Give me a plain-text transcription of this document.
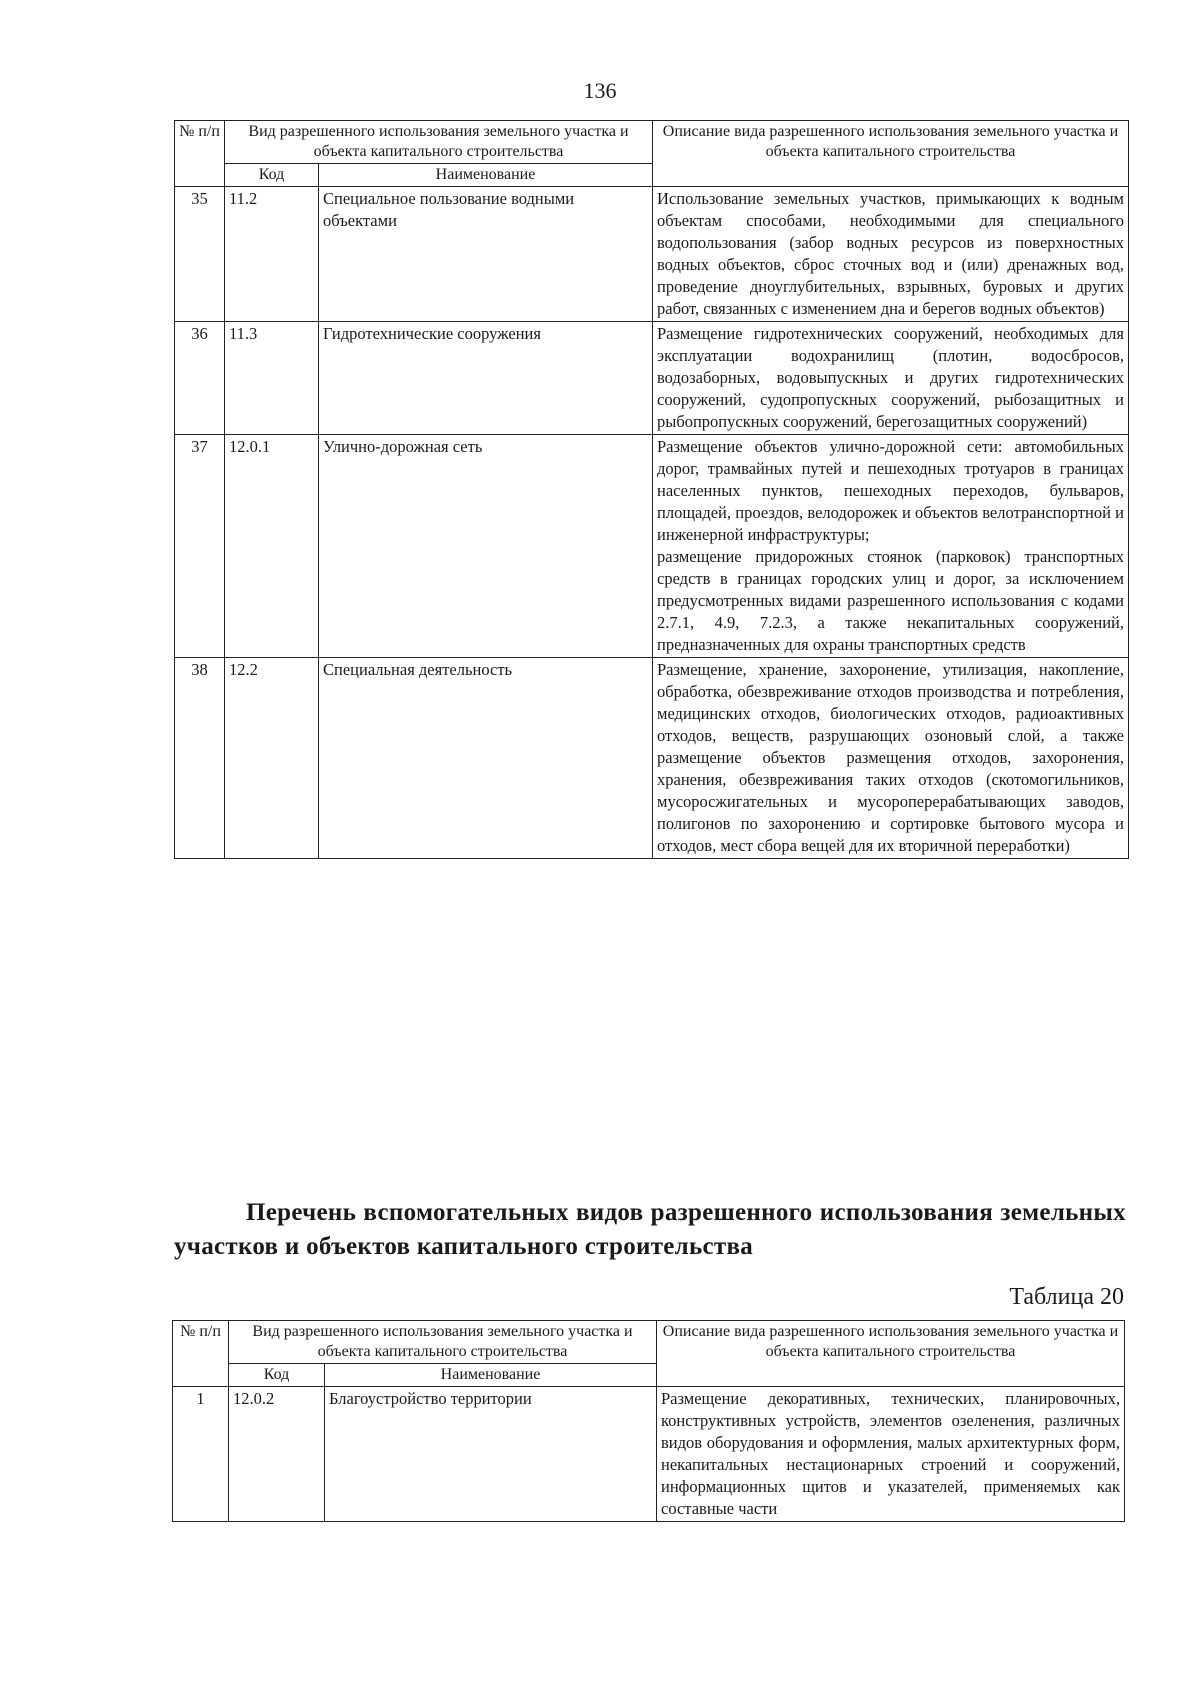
136
№ п/п	Вид разрешенного использования земельного участка и объекта капитального строительства		Описание вида разрешенного использования земельного участка и объекта капитального строительства
	Код	Наименование	
35	11.2	Специальное пользование водными объектами	Использование земельных участков, примыкающих к водным объектам способами, необходимыми для специального водопользования (забор водных ресурсов из поверхностных водных объектов, сброс сточных вод и (или) дренажных вод, проведение дноуглубительных, взрывных, буровых и других работ, связанных с изменением дна и берегов водных объектов)

36	11.3	Гидротехнические сооружения	Размещение гидротехнических сооружений, необходимых для эксплуатации водохранилищ (плотин, водосбросов, водозаборных, водовыпускных и других гидротехнических сооружений, судопропускных сооружений, рыбозащитных и рыбопропускных сооружений, берегозащитных сооружений)

37	12.0.1	Улично-дорожная сеть	Размещение объектов улично-дорожной сети: автомобильных дорог, трамвайных путей и пешеходных тротуаров в границах населенных пунктов, пешеходных переходов, бульваров, площадей, проездов, велодорожек и объектов велотранспортной и инженерной инфраструктуры;
размещение придорожных стоянок (парковок) транспортных средств в границах городских улиц и дорог, за исключением предусмотренных видами разрешенного использования с кодами 2.7.1, 4.9, 7.2.3, а также некапитальных сооружений, предназначенных для охраны транспортных средств

38	12.2	Специальная деятельность	Размещение, хранение, захоронение, утилизация, накопление, обработка, обезвреживание отходов производства и потребления, медицинских отходов, биологических отходов, радиоактивных отходов, веществ, разрушающих озоновый слой, а также размещение объектов размещения отходов, захоронения, хранения, обезвреживания таких отходов (скотомогильников, мусоросжигательных и мусороперерабатывающих заводов, полигонов по захоронению и сортировке бытового мусора и отходов, мест сбора вещей для их вторичной переработки)
Перечень вспомогательных видов разрешенного использования земельных участков и объектов капитального строительства
Таблица 20
№ п/п	Вид разрешенного использования земельного участка и объекта капитального строительства		Описание вида разрешенного использования земельного участка и объекта капитального строительства
	Код	Наименование	
1	12.0.2	Благоустройство территории	Размещение декоративных, технических, планировочных, конструктивных устройств, элементов озеленения, различных видов оборудования и оформления, малых архитектурных форм, некапитальных нестационарных строений и сооружений, информационных щитов и указателей, применяемых как составные части
